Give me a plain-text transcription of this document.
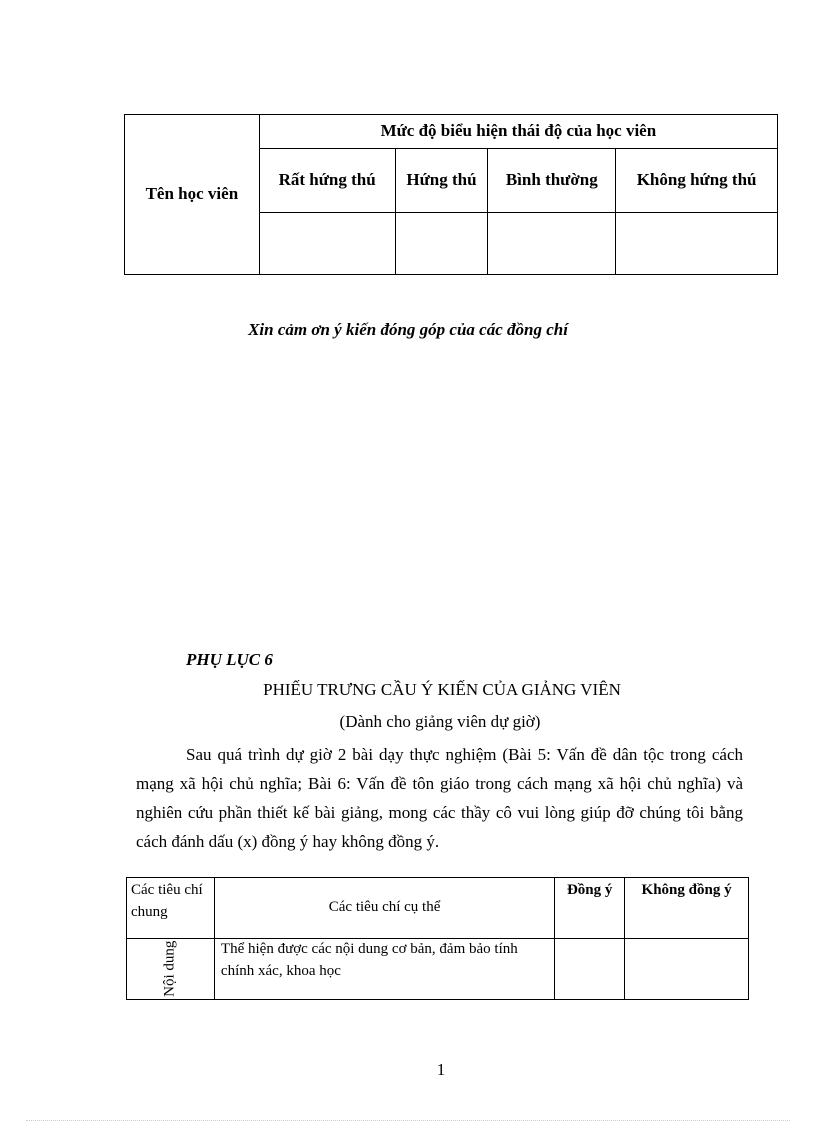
Tên học viên	Mức độ biểu hiện thái độ của học viên			
	Rất hứng thú	Hứng thú	Bình thường	Không hứng thú

Xin cảm ơn ý kiến đóng góp của các đồng chí
PHỤ LỤC 6
PHIẾU TRƯNG CẦU Ý KIẾN CỦA GIẢNG VIÊN
(Dành cho giảng viên dự giờ)

Sau quá trình dự giờ 2 bài dạy thực nghiệm (Bài 5: Vấn đề dân tộc trong cách mạng xã hội chủ nghĩa; Bài 6: Vấn đề tôn giáo trong cách mạng xã hội chủ nghĩa) và nghiên cứu phần thiết kế bài giảng, mong các thầy cô vui lòng giúp đỡ chúng tôi bằng cách đánh dấu (x) đồng ý hay không đồng ý.

Các tiêu chí chung	Các tiêu chí cụ thể	Đồng ý	Không đồng ý
Nội dung	Thể hiện được các nội dung cơ bản, đảm bảo tính chính xác, khoa học		
1
